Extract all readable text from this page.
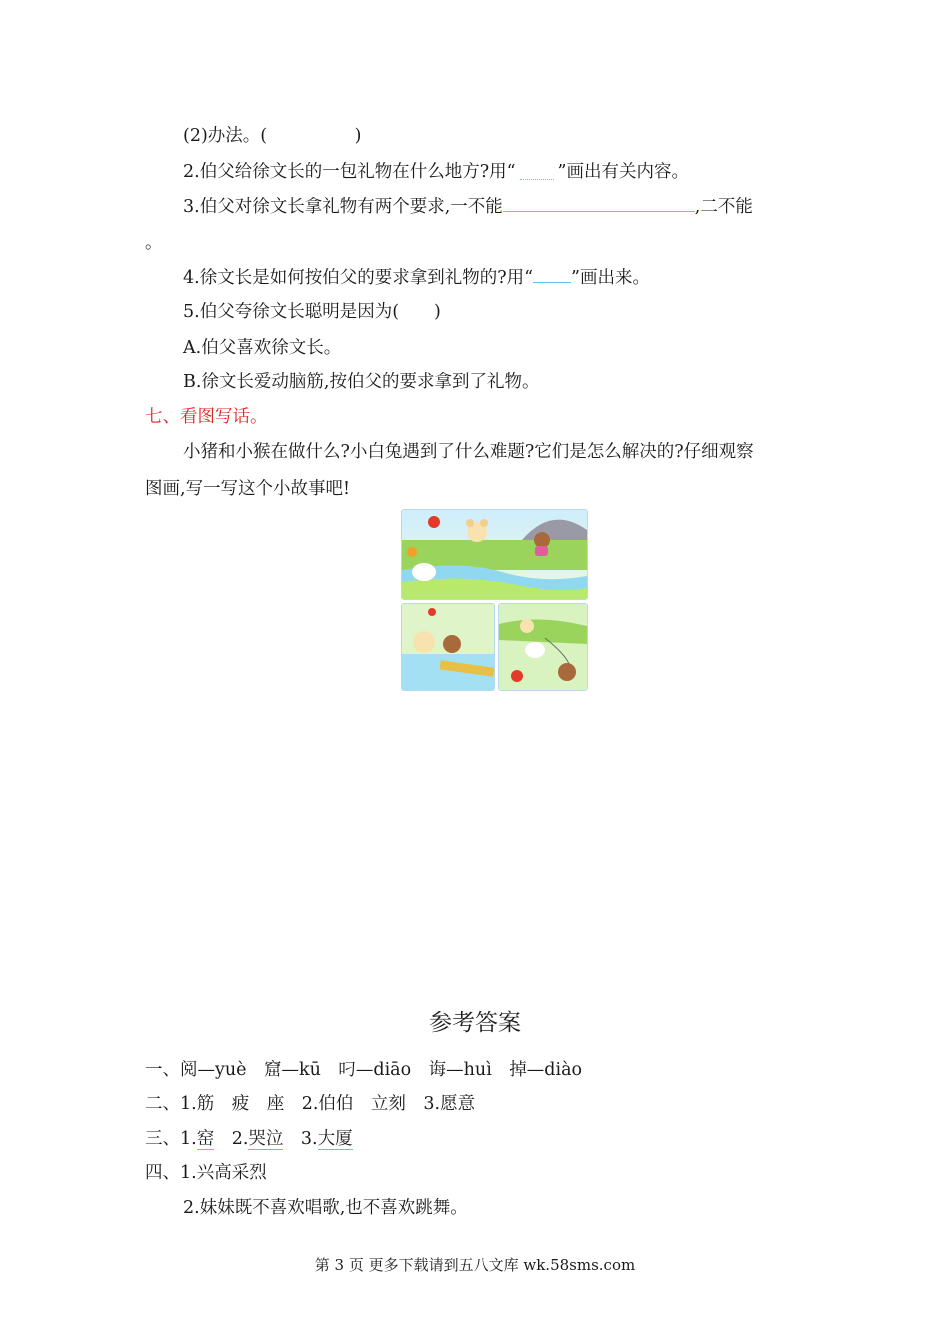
(2)办法。(　　　　　)
2.伯父给徐文长的一包礼物在什么地方?用“ ”画出有关内容。
3.伯父对徐文长拿礼物有两个要求,一不能	,二不能
。
4.徐文长是如何按伯父的要求拿到礼物的?用“ ”画出来。
5.伯父夸徐文长聪明是因为(　　)
A.伯父喜欢徐文长。
B.徐文长爱动脑筋,按伯父的要求拿到了礼物。
七、看图写话。
小猪和小猴在做什么?小白兔遇到了什么难题?它们是怎么解决的?仔细观察
图画,写一写这个小故事吧!
参考答案
一、阅—yuè　窟—kū　叼—diāo　诲—huì　掉—diào
二、1.筋　疲　座　2.伯伯　立刻　3.愿意
三、1.窑　2.哭泣　3.大厦
四、1.兴高采烈
2.妹妹既不喜欢唱歌,也不喜欢跳舞。
第 3 页 更多下载请到五八文库 wk.58sms.com
